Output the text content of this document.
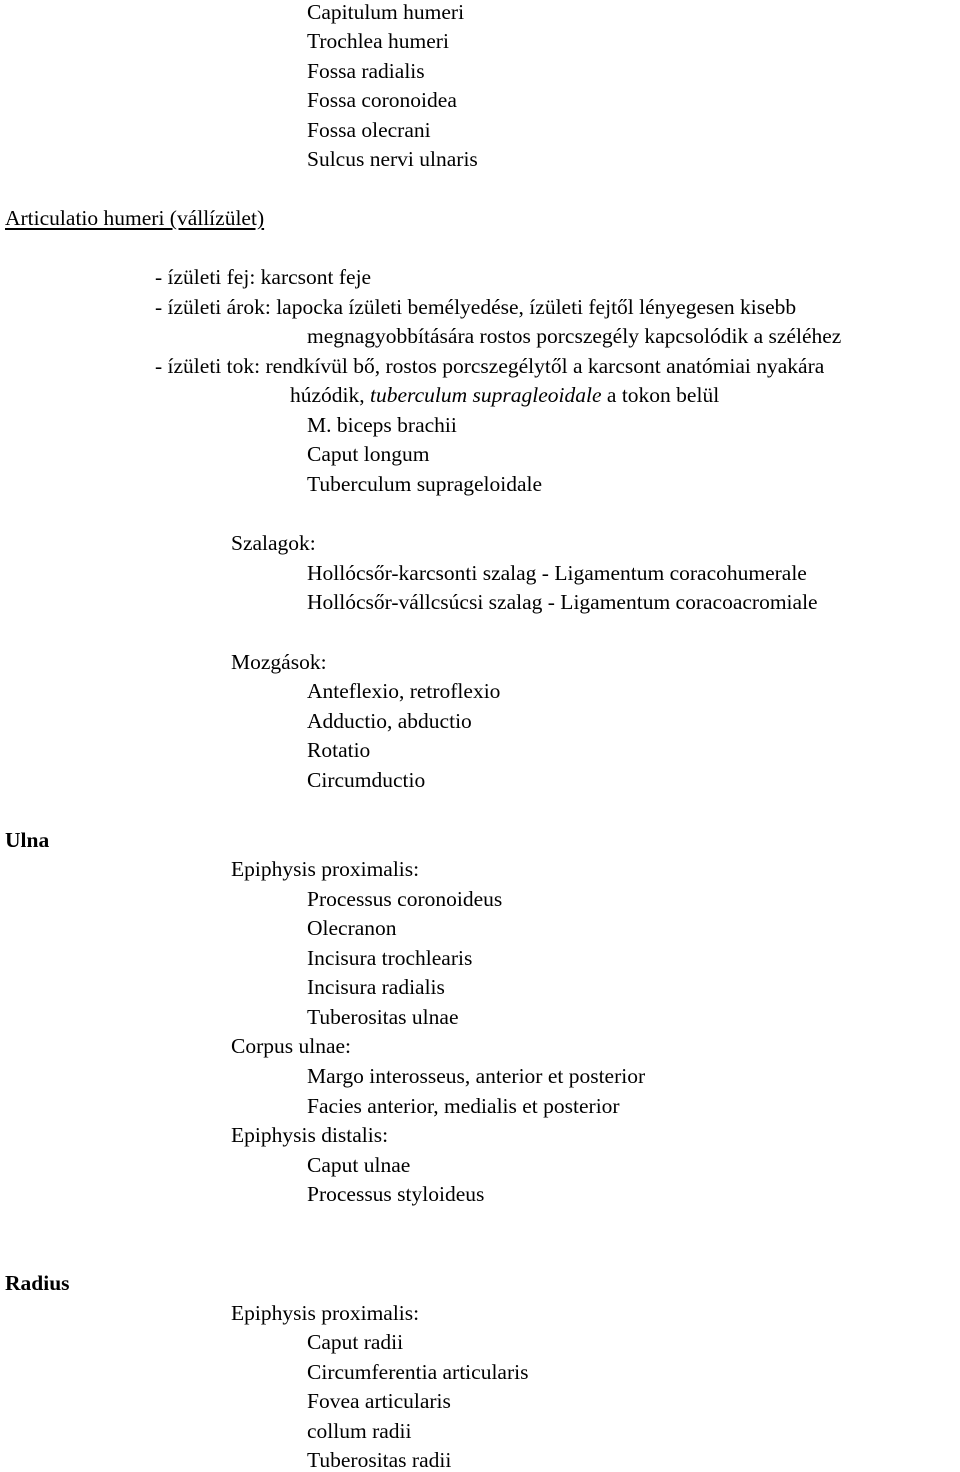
Capitulum humeri
Trochlea humeri
Fossa radialis
Fossa coronoidea
Fossa olecrani
Sulcus nervi ulnaris
Articulatio humeri (vállízület)
- ízületi fej: karcsont feje
- ízületi árok: lapocka ízületi bemélyedése, ízületi fejtől lényegesen kisebb
megnagyobbítására rostos porcszegély kapcsolódik a széléhez
- ízületi tok: rendkívül bő, rostos porcszegélytől a karcsont anatómiai nyakára
húzódik, tuberculum supragleoidale a tokon belül
M. biceps brachii
Caput longum
Tuberculum suprageloidale
Szalagok:
Hollócsőr-karcsonti szalag - Ligamentum coracohumerale
Hollócsőr-vállcsúcsi szalag - Ligamentum coracoacromiale
Mozgások:
Anteflexio, retroflexio
Adductio, abductio
Rotatio
Circumductio
Ulna
Epiphysis proximalis:
Processus coronoideus
Olecranon
Incisura trochlearis
Incisura radialis
Tuberositas ulnae
Corpus ulnae:
Margo interosseus, anterior et posterior
Facies anterior, medialis et posterior
Epiphysis distalis:
Caput ulnae
Processus styloideus
Radius
Epiphysis proximalis:
Caput radii
Circumferentia articularis
Fovea articularis
collum radii
Tuberositas radii
